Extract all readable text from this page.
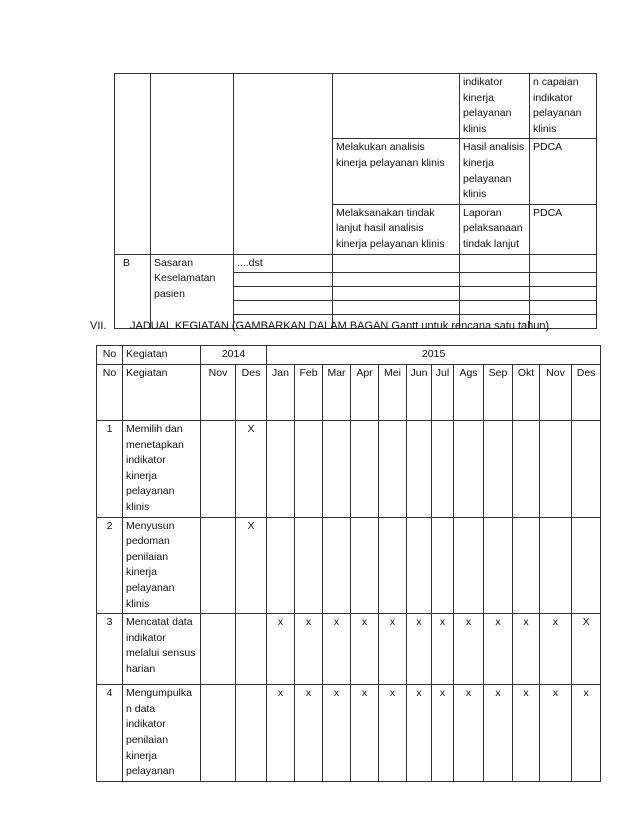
				indikator kinerja pelayanan klinis	n capaian indikator pelayanan klinis
			Melakukan analisis kinerja pelayanan klinis	Hasil analisis kinerja pelayanan klinis	PDCA
			Melaksanakan tindak lanjut hasil analisis kinerja pelayanan klinis	Laporan pelaksanaan tindak lanjut	PDCA
B	Sasaran Keselamatan pasien	....dst			

VII. JADUAL KEGIATAN (GAMBARKAN DALAM BAGAN Gantt untuk rencana satu tahun)
No	Kegiatan	2014		2015											
No	Kegiatan	Nov	Des	Jan	Feb	Mar	Apr	Mei	Jun	Jul	Ags	Sep	Okt	Nov	Des
1	Memilih dan menetapkan indikator kinerja pelayanan klinis		X												
2	Menyusun pedoman penilaian kinerja pelayanan klinis		X												
3	Mencatat data indikator melalui sensus harian			x	x	x	x	x	x	x	x	x	x	x	X
4	Mengumpulkan data indikator penilaian kinerja pelayanan			x	x	x	x	x	x	x	x	x	x	x	x
